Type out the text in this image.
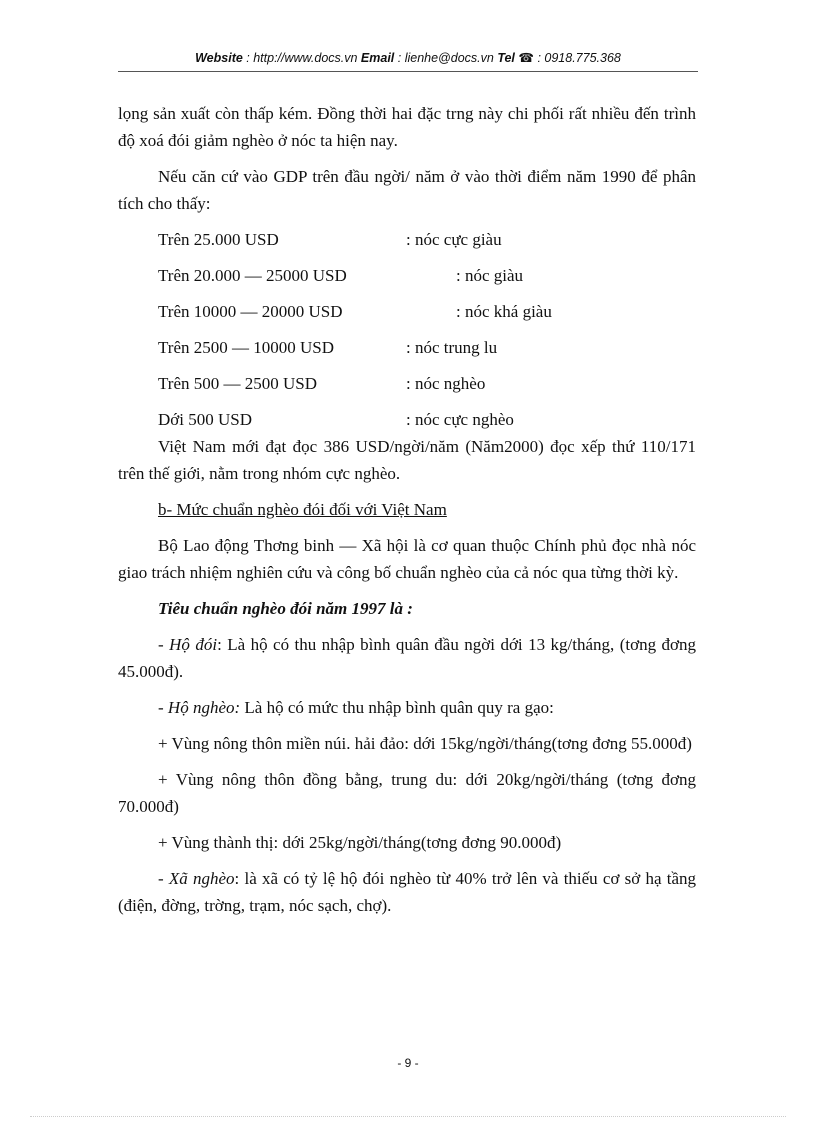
Website : http://www.docs.vn Email : lienhe@docs.vn Tel ☎ : 0918.775.368

lọng sản xuất còn thấp kém. Đồng thời hai đặc trng này chi phối rất nhiều đến trình độ xoá đói giảm nghèo ở nóc ta hiện nay.

Nếu căn cứ vào GDP trên đầu ngời/ năm ở vào thời điểm năm 1990 để phân tích cho thấy:

Trên 25.000 USD	: nóc cực giàu
Trên 20.000 — 25000 USD	: nóc giàu
Trên 10000 — 20000 USD	: nóc khá giàu
Trên 2500 — 10000 USD	: nóc trung lu
Trên 500 — 2500 USD	: nóc nghèo
Dới 500 USD	: nóc cực nghèo

Việt Nam mới đạt đọc 386 USD/ngời/năm (Năm2000) đọc xếp thứ 110/171 trên thế giới, nằm trong nhóm cực nghèo.

b- Mức chuẩn nghèo đói đối với Việt Nam

Bộ Lao động Thơng binh — Xã hội là cơ quan thuộc Chính phủ đọc nhà nóc giao trách nhiệm nghiên cứu và công bố chuẩn nghèo của cả nóc qua từng thời kỳ.

Tiêu chuẩn nghèo đói năm 1997 là :

- Hộ đói: Là hộ có thu nhập bình quân đầu ngời dới 13 kg/tháng, (tơng đơng 45.000đ).

- Hộ nghèo: Là hộ có mức thu nhập bình quân quy ra gạo:

+ Vùng nông thôn miền núi. hải đảo: dới 15kg/ngời/tháng(tơng đơng 55.000đ)

+ Vùng nông thôn đồng bằng, trung du: dới 20kg/ngời/tháng (tơng đơng 70.000đ)

+ Vùng thành thị: dới 25kg/ngời/tháng(tơng đơng 90.000đ)

- Xã nghèo: là xã có tỷ lệ hộ đói nghèo từ 40% trở lên và thiếu cơ sở hạ tầng (điện, đờng, trờng, trạm, nóc sạch, chợ).

- 9 -
